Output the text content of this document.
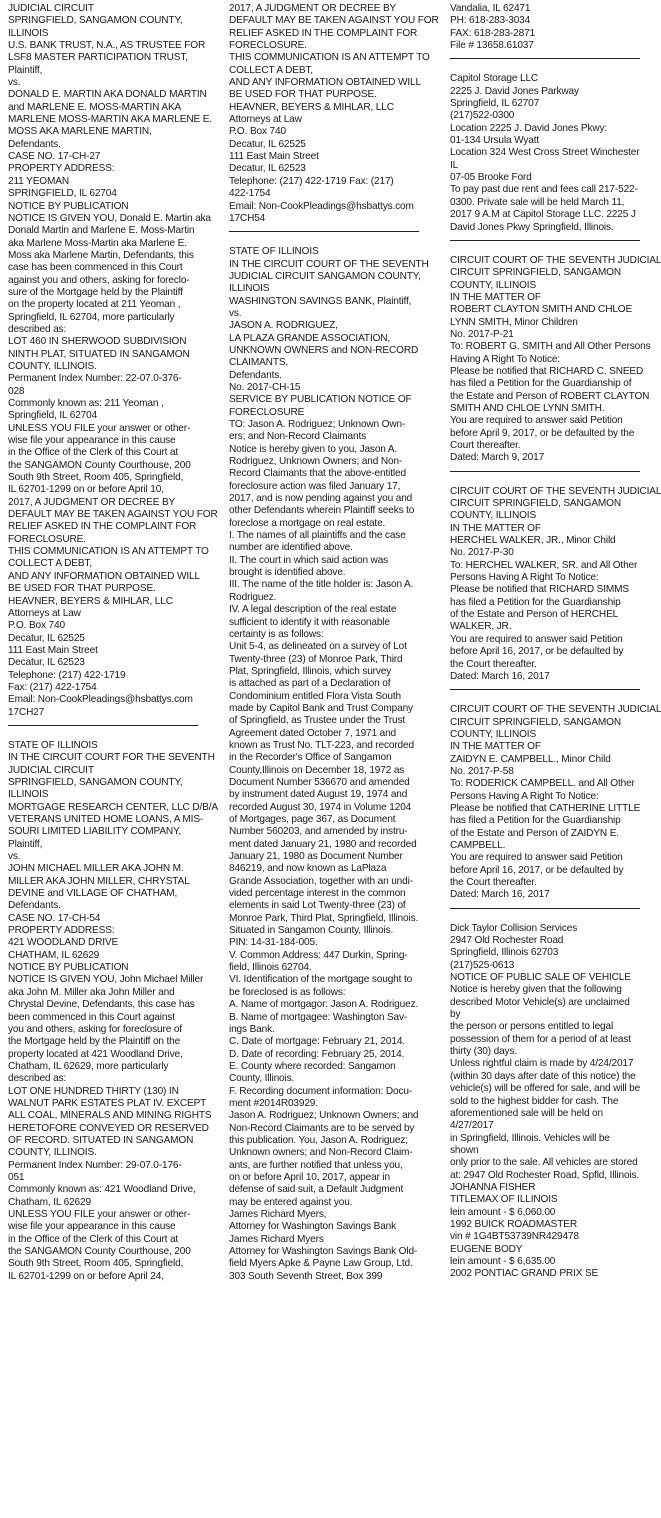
JUDICIAL CIRCUIT
SPRINGFIELD, SANGAMON COUNTY,
ILLINOIS
U.S. BANK TRUST, N.A., AS TRUSTEE FOR
LSF8 MASTER PARTICIPATION TRUST,
Plaintiff,
vs.
DONALD E. MARTIN AKA DONALD MARTIN
and MARLENE E. MOSS-MARTIN AKA
MARLENE MOSS-MARTIN AKA MARLENE E.
MOSS AKA MARLENE MARTIN,
Defendants.
CASE NO. 17-CH-27
PROPERTY ADDRESS:
211 YEOMAN
SPRINGFIELD, IL 62704
NOTICE BY PUBLICATION
NOTICE IS GIVEN YOU, Donald E. Martin aka
Donald Martin and Marlene E. Moss-Martin
aka Marlene Moss-Martin aka Marlene E.
Moss aka Marlene Martin, Defendants, this
case has been commenced in this Court
against you and others, asking for foreclo-
sure of the Mortgage held by the Plaintiff
on the property located at 211 Yeoman ,
Springfield, IL 62704, more particularly
described as:
LOT 460 IN SHERWOOD SUBDIVISION
NINTH PLAT, SITUATED IN SANGAMON
COUNTY, ILLINOIS.
Permanent Index Number: 22-07.0-376-
028
Commonly known as: 211 Yeoman ,
Springfield, IL 62704
UNLESS YOU FILE your answer or other-
wise file your appearance in this cause
in the Office of the Clerk of this Court at
the SANGAMON County Courthouse, 200
South 9th Street, Room 405, Springfield,
IL 62701-1299 on or before April 10,
2017, A JUDGMENT OR DECREE BY
DEFAULT MAY BE TAKEN AGAINST YOU FOR
RELIEF ASKED IN THE COMPLAINT FOR
FORECLOSURE.
THIS COMMUNICATION IS AN ATTEMPT TO
COLLECT A DEBT,
AND ANY INFORMATION OBTAINED WILL
BE USED FOR THAT PURPOSE.
HEAVNER, BEYERS & MIHLAR, LLC
Attorneys at Law
P.O. Box 740
Decatur, IL 62525
111 East Main Street
Decatur, IL 62523
Telephone: (217) 422-1719
Fax: (217) 422-1754
Email: Non-CookPleadings@hsbattys.com
17CH27
STATE OF ILLINOIS
IN THE CIRCUIT COURT FOR THE SEVENTH
JUDICIAL CIRCUIT
SPRINGFIELD, SANGAMON COUNTY,
ILLINOIS
MORTGAGE RESEARCH CENTER, LLC D/B/A
VETERANS UNITED HOME LOANS, A MIS-
SOURI LIMITED LIABILITY COMPANY,
Plaintiff,
vs.
JOHN MICHAEL MILLER AKA JOHN M.
MILLER AKA JOHN MILLER, CHRYSTAL
DEVINE and VILLAGE OF CHATHAM,
Defendants.
CASE NO. 17-CH-54
PROPERTY ADDRESS:
421 WOODLAND DRIVE
CHATHAM, IL 62629
NOTICE BY PUBLICATION
NOTICE IS GIVEN YOU, John Michael Miller
aka John M. Miller aka John Miller and
Chrystal Devine, Defendants, this case has
been commenced in this Court against
you and others, asking for foreclosure of
the Mortgage held by the Plaintiff on the
property located at 421 Woodland Drive,
Chatham, IL 62629, more particularly
described as:
LOT ONE HUNDRED THIRTY (130) IN
WALNUT PARK ESTATES PLAT IV. EXCEPT
ALL COAL, MINERALS AND MINING RIGHTS
HERETOFORE CONVEYED OR RESERVED
OF RECORD. SITUATED IN SANGAMON
COUNTY, ILLINOIS.
Permanent Index Number: 29-07.0-176-
051
Commonly known as: 421 Woodland Drive,
Chatham, IL 62629
UNLESS YOU FILE your answer or other-
wise file your appearance in this cause
in the Office of the Clerk of this Court at
the SANGAMON County Courthouse, 200
South 9th Street, Room 405, Springfield,
IL 62701-1299 on or before April 24,
2017, A JUDGMENT OR DECREE BY
DEFAULT MAY BE TAKEN AGAINST YOU FOR
RELIEF ASKED IN THE COMPLAINT FOR
FORECLOSURE.
THIS COMMUNICATION IS AN ATTEMPT TO
COLLECT A DEBT,
AND ANY INFORMATION OBTAINED WILL
BE USED FOR THAT PURPOSE.
HEAVNER, BEYERS & MIHLAR, LLC
Attorneys at Law
P.O. Box 740
Decatur, IL 62525
111 East Main Street
Decatur, IL 62523
Telephone: (217) 422-1719 Fax: (217)
422-1754
Email: Non-CookPleadings@hsbattys.com
17CH54
STATE OF ILLINOIS
IN THE CIRCUIT COURT OF THE SEVENTH
JUDICIAL CIRCUIT SANGAMON COUNTY,
ILLINOIS
WASHINGTON SAVINGS BANK, Plaintiff,
vs.
JASON A. RODRIGUEZ,
LA PLAZA GRANDE ASSOCIATION,
UNKNOWN OWNERS and NON-RECORD
CLAIMANTS,
Defendants.
No. 2017-CH-15
SERVICE BY PUBLICATION NOTICE OF
FORECLOSURE
TO: Jason A. Rodriguez; Unknown Own-
ers; and Non-Record Claimants
Notice is hereby given to you, Jason A.
Rodriguez, Unknown Owners; and Non-
Record Claimants that the above-entitled
foreclosure action was filed January 17,
2017, and is now pending against you and
other Defendants wherein Plaintiff seeks to
foreclose a mortgage on real estate.
I. The names of all plaintiffs and the case
number are identified above.
II. The court in which said action was
brought is identified above.
III. The name of the title holder is: Jason A.
Rodriguez.
IV. A legal description of the real estate
sufficient to identify it with reasonable
certainty is as follows:
Unit 5-4, as delineated on a survey of Lot
Twenty-three (23) of Monroe Park, Third
Plat, Springfield, Illinois, which survey
is attached as part of a Declaration of
Condominium entitled Flora Vista South
made by Capitol Bank and Trust Company
of Springfield, as Trustee under the Trust
Agreement dated October 7, 1971 and
known as Trust No. TLT-223, and recorded
in the Recorder's Office of Sangamon
County,Illinois on December 18, 1972 as
Document Number 536670 and amended
by instrument dated August 19, 1974 and
recorded August 30, 1974 in Volume 1204
of Mortgages, page 367, as Document
Number 560203, and amended by instru-
ment dated January 21, 1980 and recorded
January 21, 1980 as Document Number
846219, and now known as LaPlaza
Grande Association, together with an undi-
vided percentage interest in the common
elements in said Lot Twenty-three (23) of
Monroe Park, Third Plat, Springfield, Illinois.
Situated in Sangamon County, Illinois.
PIN: 14-31-184-005.
V. Common Address: 447 Durkin, Spring-
field, Illinois 62704.
VI. Identification of the mortgage sought to
be foreclosed is as follows:
A. Name of mortgagor: Jason A. Rodriguez.
B. Name of mortgagee: Washington Sav-
ings Bank.
C. Date of mortgage: February 21, 2014.
D. Date of recording: February 25, 2014.
E. County where recorded: Sangamon
County, Illinois.
F. Recording document information: Docu-
ment #2014R03929.
Jason A. Rodriguez; Unknown Owners; and
Non-Record Claimants are to be served by
this publication. You, Jason A. Rodriguez;
Unknown owners; and Non-Record Claim-
ants, are further notified that unless you,
on or before April 10, 2017, appear in
defense of said suit, a Default Judgment
may be entered against you.
James Richard Myers,
Attorney for Washington Savings Bank
James Richard Myers
Attorney for Washington Savings Bank Old-
field Myers Apke & Payne Law Group, Ltd.
303 South Seventh Street, Box 399
Vandalia, IL 62471
PH: 618-283-3034
FAX: 618-283-2871
File # 13658.61037
Capitol Storage LLC
2225 J. David Jones Parkway
Springfield, IL 62707
(217)522-0300
Location 2225 J. David Jones Pkwy:
01-134 Ursula Wyatt
Location 324 West Cross Street Winchester
IL
07-05 Brooke Ford
To pay past due rent and fees call 217-522-
0300. Private sale will be held March 11,
2017 9 A.M at Capitol Storage LLC. 2225 J
David Jones Pkwy Springfield, Illinois.
CIRCUIT COURT OF THE SEVENTH JUDICIAL
CIRCUIT SPRINGFIELD, SANGAMON
COUNTY, ILLINOIS
IN THE MATTER OF
ROBERT CLAYTON SMITH AND CHLOE
LYNN SMITH, Minor Children
No. 2017-P-21
To: ROBERT G. SMITH and All Other Persons
Having A Right To Notice:
Please be notified that RICHARD C. SNEED
has filed a Petition for the Guardianship of
the Estate and Person of ROBERT CLAYTON
SMITH AND CHLOE LYNN SMITH.
You are required to answer said Petition
before April 9, 2017, or be defaulted by the
Court thereafter.
Dated: March 9, 2017
CIRCUIT COURT OF THE SEVENTH JUDICIAL
CIRCUIT SPRINGFIELD, SANGAMON
COUNTY, ILLINOIS
IN THE MATTER OF
HERCHEL WALKER, JR., Minor Child
No. 2017-P-30
To: HERCHEL WALKER, SR. and All Other
Persons Having A Right To Notice:
Please be notified that RICHARD SIMMS
has filed a Petition for the Guardianship
of the Estate and Person of HERCHEL
WALKER, JR.
You are required to answer said Petition
before April 16, 2017, or be defaulted by
the Court thereafter.
Dated: March 16, 2017
CIRCUIT COURT OF THE SEVENTH JUDICIAL
CIRCUIT SPRINGFIELD, SANGAMON
COUNTY, ILLINOIS
IN THE MATTER OF
ZAIDYN E. CAMPBELL., Minor Child
No. 2017-P-58
To: RODERICK CAMPBELL. and All Other
Persons Having A Right To Notice:
Please be notified that CATHERINE LITTLE
has filed a Petition for the Guardianship
of the Estate and Person of ZAIDYN E.
CAMPBELL.
You are required to answer said Petition
before April 16, 2017, or be defaulted by
the Court thereafter.
Dated: March 16, 2017
Dick Taylor Collision Services
2947 Old Rochester Road
Springfield, Illinois 62703
(217)525-0613
NOTICE OF PUBLIC SALE OF VEHICLE
Notice is hereby given that the following
described Motor Vehicle(s) are unclaimed
by
the person or persons entitled to legal
possession of them for a period of at least
thirty (30) days.
Unless rightful claim is made by 4/24/2017
(within 30 days after date of this notice) the
vehicle(s) will be offered for sale, and will be
sold to the highest bidder for cash. The
aforementioned sale will be held on
4/27/2017
in Springfield, Illinois. Vehicles will be
shown
only prior to the sale. All vehicles are stored
at: 2947 Old Rochester Road, Spfld, Illinois.
JOHANNA FISHER
TITLEMAX OF ILLINOIS
lein amount - $ 6,060.00
1992 BUICK ROADMASTER
vin # 1G4BT53739NR429478
EUGENE BODY
lein amount - $ 6,635.00
2002 PONTIAC GRAND PRIX SE
